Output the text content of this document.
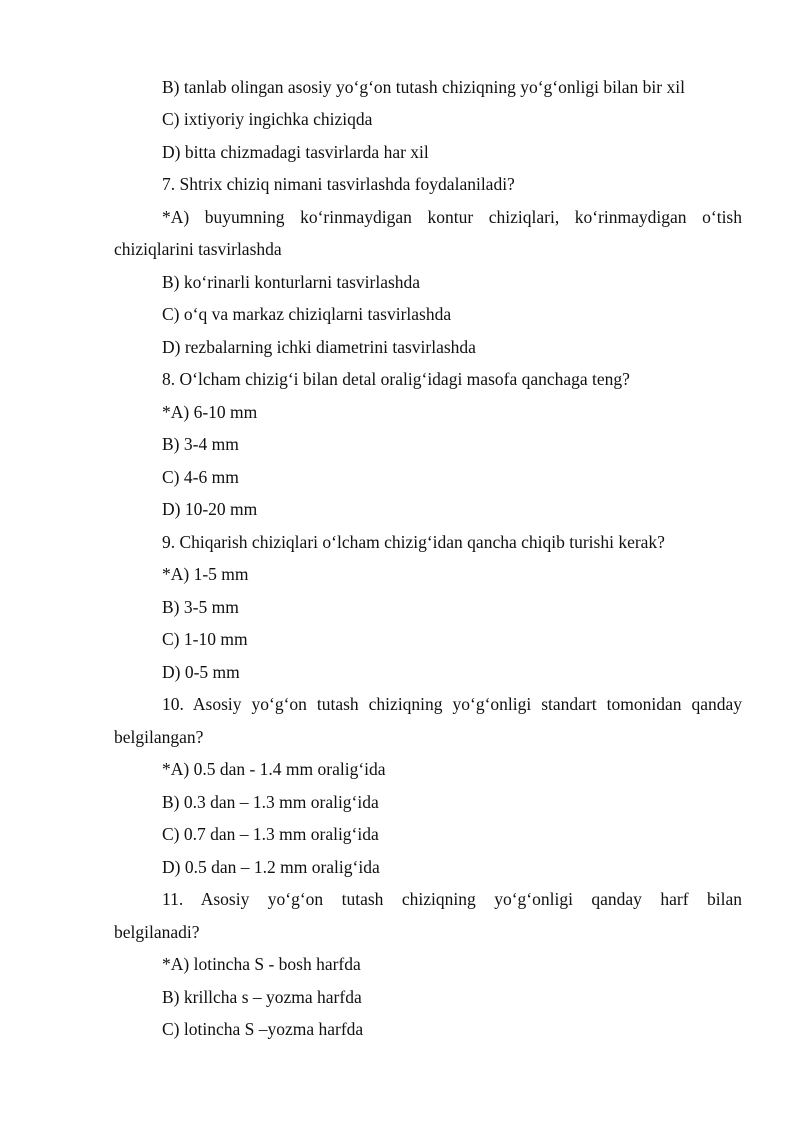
B) tanlab olingan asosiy yo‘g‘on tutash chiziqning yo‘g‘onligi bilan bir xil
C) ixtiyoriy ingichka chiziqda
D) bitta chizmadagi tasvirlarda har xil
7. Shtrix chiziq nimani tasvirlashda foydalaniladi?
*A) buyumning ko‘rinmaydigan kontur chiziqlari, ko‘rinmaydigan o‘tish
chiziqlarini tasvirlashda
B) ko‘rinarli konturlarni tasvirlashda
C) o‘q va markaz chiziqlarni tasvirlashda
D) rezbalarning ichki diametrini tasvirlashda
8. O‘lcham chizig‘i bilan detal oralig‘idagi masofa qanchaga teng?
*A) 6-10 mm
B) 3-4 mm
C) 4-6 mm
D) 10-20 mm
9. Chiqarish chiziqlari o‘lcham chizig‘idan qancha chiqib turishi kerak?
*A) 1-5 mm
B) 3-5 mm
C) 1-10 mm
D) 0-5 mm
10. Asosiy yo‘g‘on tutash chiziqning yo‘g‘onligi standart tomonidan qanday
belgilangan?
*A) 0.5 dan - 1.4 mm oralig‘ida
B) 0.3 dan – 1.3 mm oralig‘ida
C) 0.7 dan – 1.3 mm oralig‘ida
D) 0.5 dan – 1.2 mm oralig‘ida
11. Asosiy yo‘g‘on tutash chiziqning yo‘g‘onligi qanday harf bilan
belgilanadi?
*A) lotincha S - bosh harfda
B) krillcha s – yozma harfda
C) lotincha S –yozma harfda
